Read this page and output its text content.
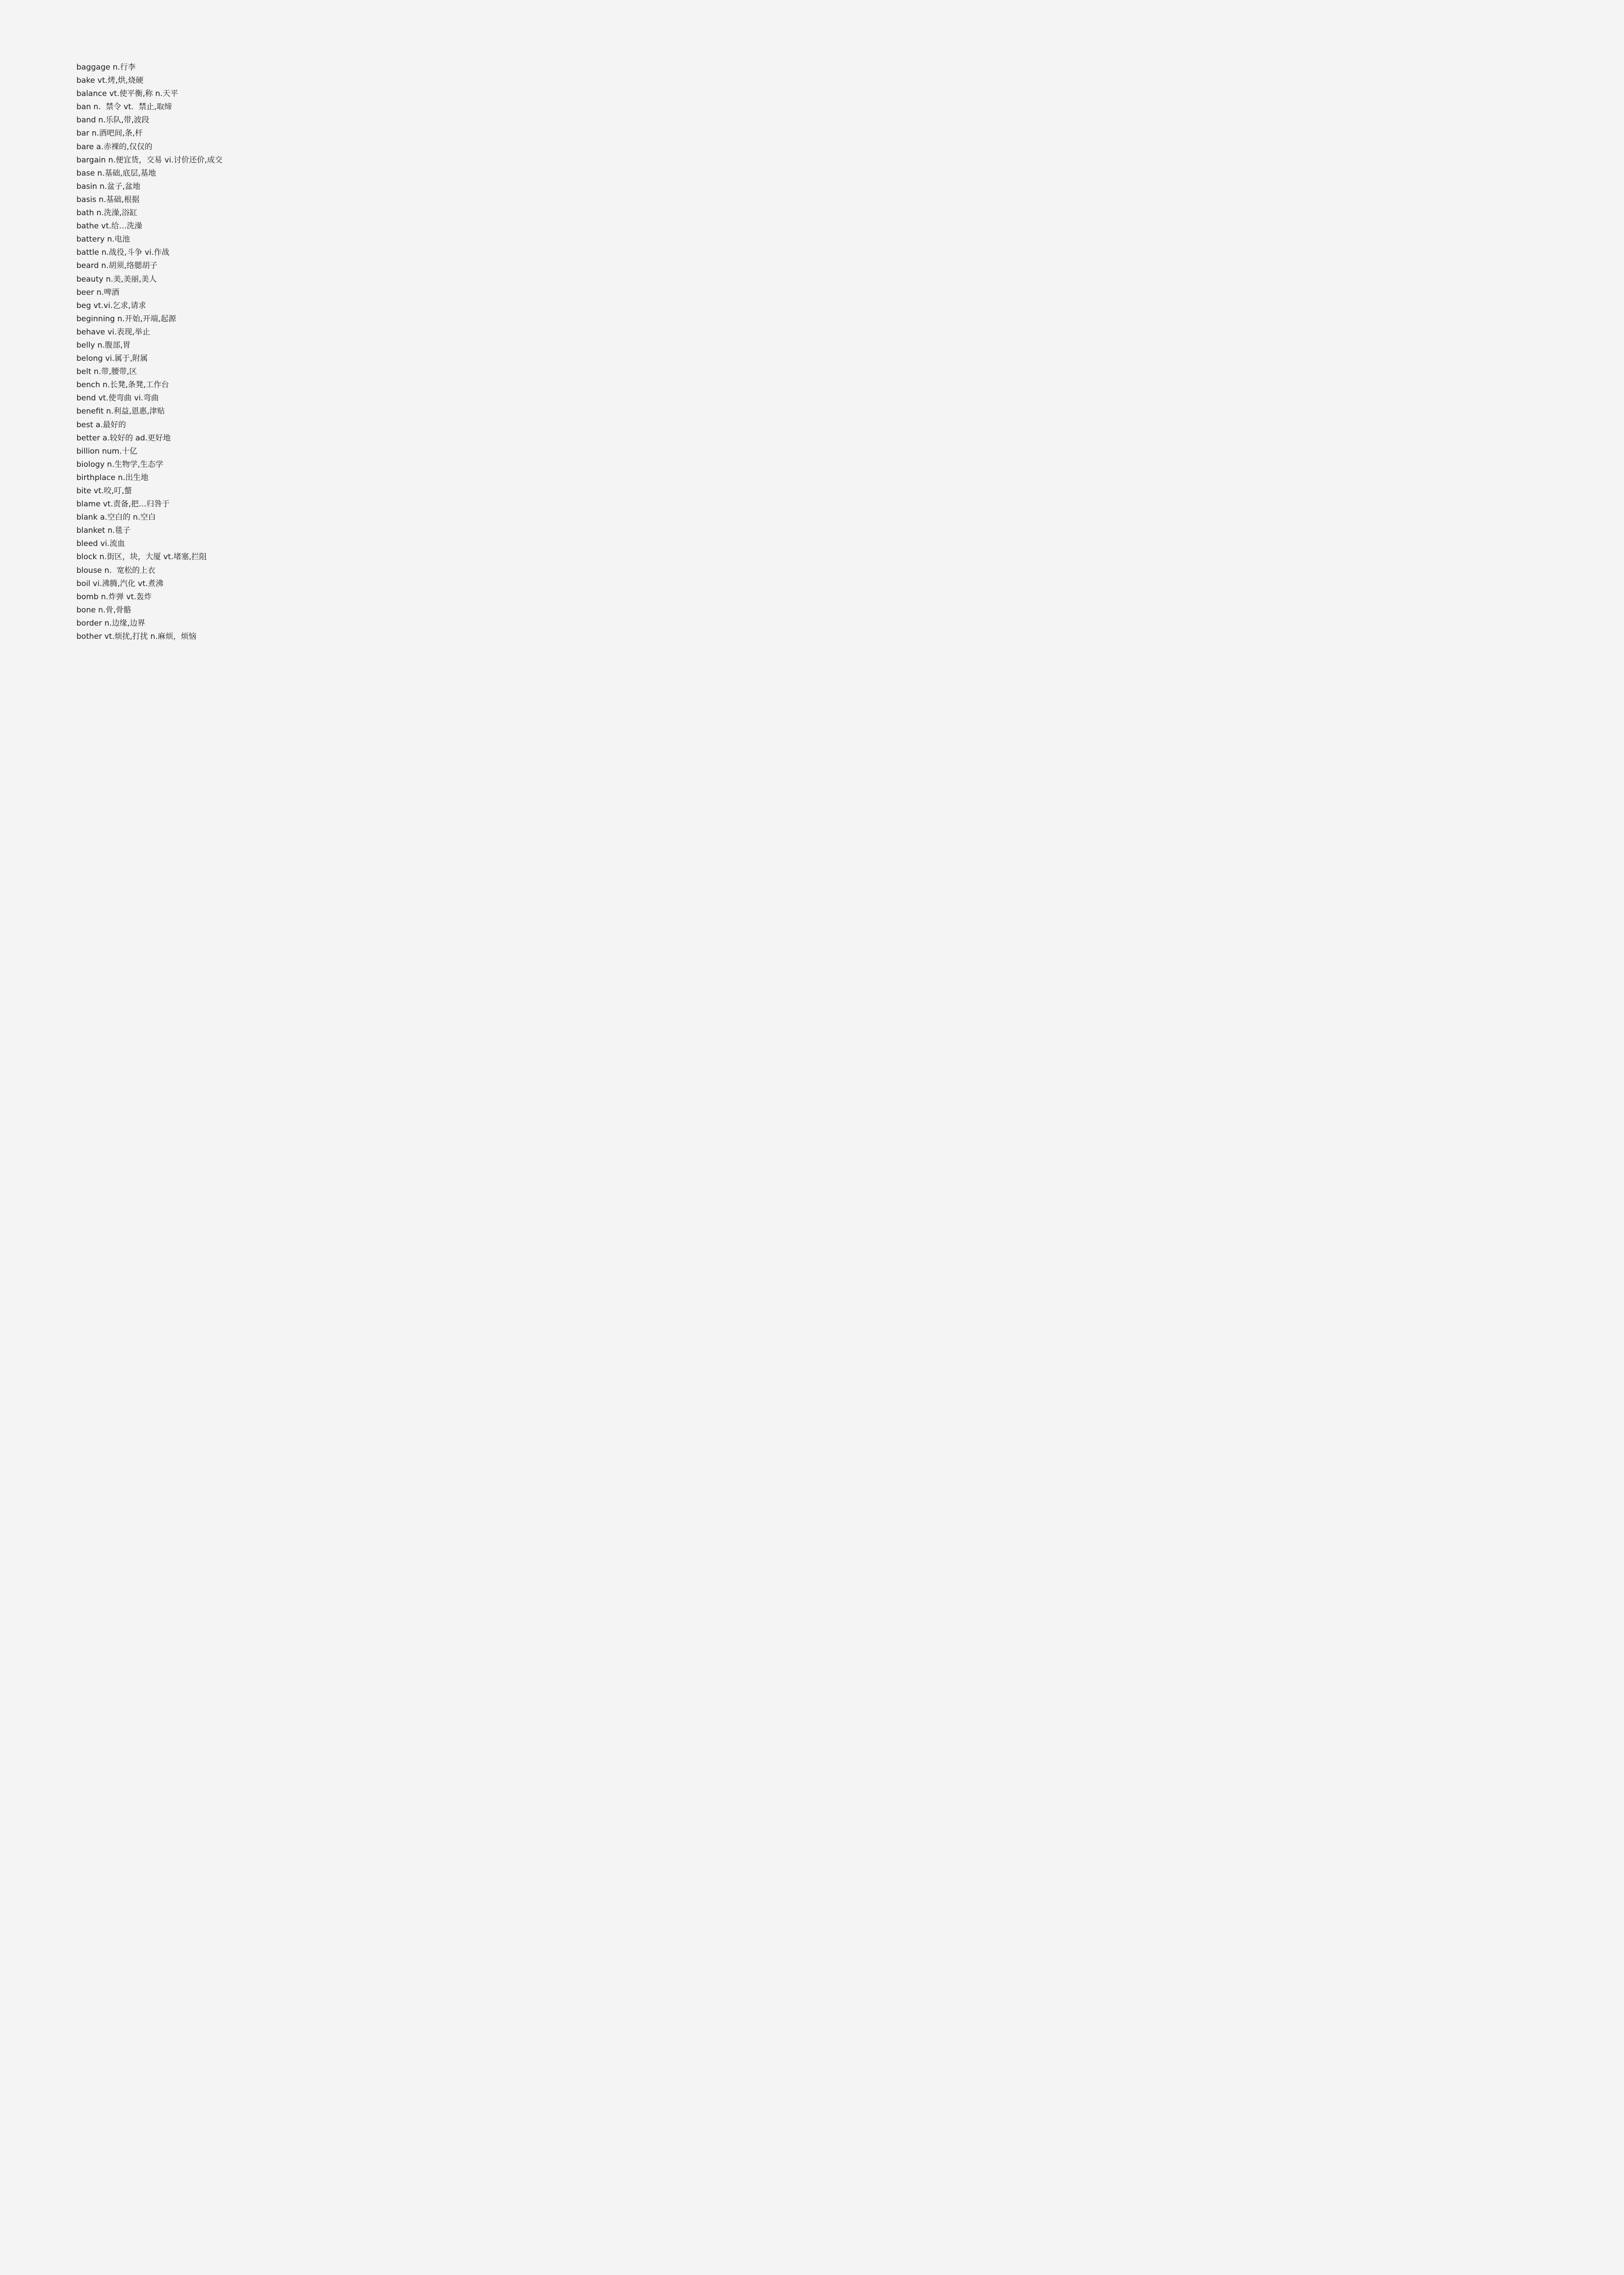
baggage n.行李
bake vt.烤,烘,烧硬
balance vt.使平衡,称 n.天平
ban n.  禁令 vt.  禁止,取缔
band n.乐队,带,波段
bar n.酒吧间,条,杆
bare a.赤裸的,仅仅的
bargain n.便宜货，交易 vi.讨价还价,成交
base n.基础,底层,基地
basin n.盆子,盆地
basis n.基础,根据
bath n.洗澡,浴缸
bathe vt.给…洗澡
battery n.电池
battle n.战役,斗争 vi.作战
beard n.胡须,络腮胡子
beauty n.美,美丽,美人
beer n.啤酒
beg vt.vi.乞求,请求
beginning n.开始,开端,起源
behave vi.表现,举止
belly n.腹部,胃
belong vi.属于,附属
belt n.带,腰带,区
bench n.长凳,条凳,工作台
bend vt.使弯曲 vi.弯曲
benefit n.利益,恩惠,津贴
best a.最好的
better a.较好的 ad.更好地
billion num.十亿
biology n.生物学,生态学
birthplace n.出生地
bite vt.咬,叮,螫
blame vt.责备,把…归咎于
blank a.空白的 n.空白
blanket n.毯子
bleed vi.流血
block n.街区，块，大厦 vt.堵塞,拦阻
blouse n.  宽松的上衣
boil vi.沸腾,汽化 vt.煮沸
bomb n.炸弹 vt.轰炸
bone n.骨,骨骼
border n.边缘,边界
bother vt.烦扰,打扰 n.麻烦，烦恼
